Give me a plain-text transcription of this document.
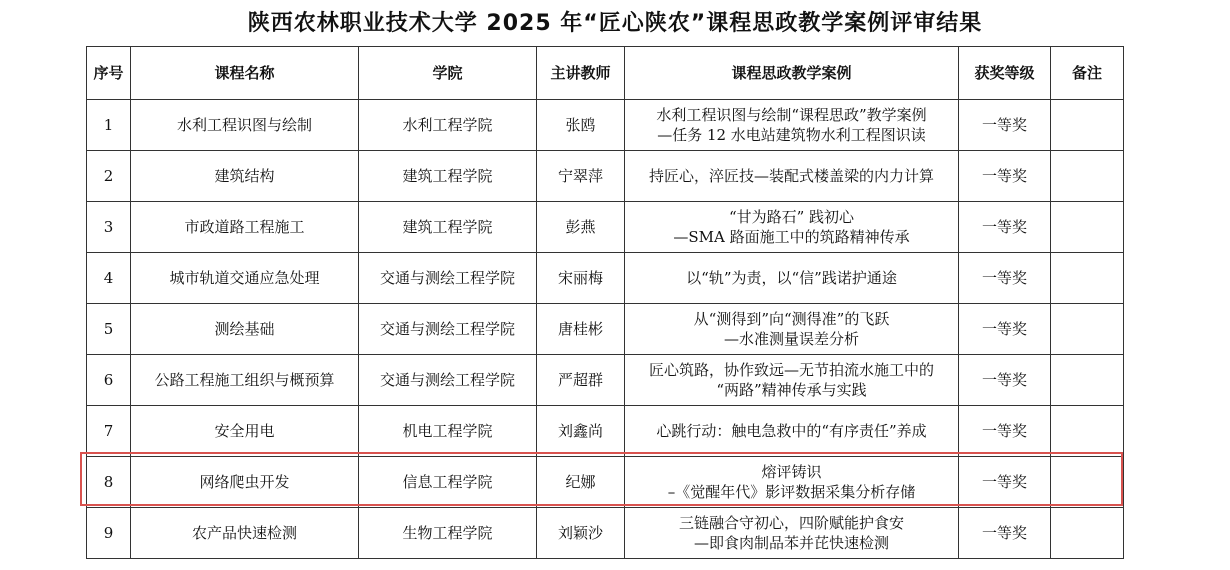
陕西农林职业技术大学 2025 年“匠心陕农”课程思政教学案例评审结果
序号	课程名称	学院	主讲教师	课程思政教学案例	获奖等级	备注
1	水利工程识图与绘制	水利工程学院	张鸥	水利工程识图与绘制“课程思政”教学案例
—任务 12 水电站建筑物水利工程图识读	一等奖	
2	建筑结构	建筑工程学院	宁翠萍	持匠心，淬匠技—装配式楼盖梁的内力计算	一等奖	
3	市政道路工程施工	建筑工程学院	彭燕	“甘为路石” 践初心
—SMA 路面施工中的筑路精神传承	一等奖	
4	城市轨道交通应急处理	交通与测绘工程学院	宋丽梅	以“轨”为责，以“信”践诺护通途	一等奖	
5	测绘基础	交通与测绘工程学院	唐桂彬	从“测得到”向“测得准”的飞跃
—水准测量误差分析	一等奖	
6	公路工程施工组织与概预算	交通与测绘工程学院	严超群	匠心筑路，协作致远—无节拍流水施工中的
“两路”精神传承与实践	一等奖	
7	安全用电	机电工程学院	刘鑫尚	心跳行动：触电急救中的“有序责任”养成	一等奖	
8	网络爬虫开发	信息工程学院	纪娜	熔评铸识
–《觉醒年代》影评数据采集分析存储	一等奖	
9	农产品快速检测	生物工程学院	刘颖沙	三链融合守初心，四阶赋能护食安
—即食肉制品苯并芘快速检测	一等奖	
